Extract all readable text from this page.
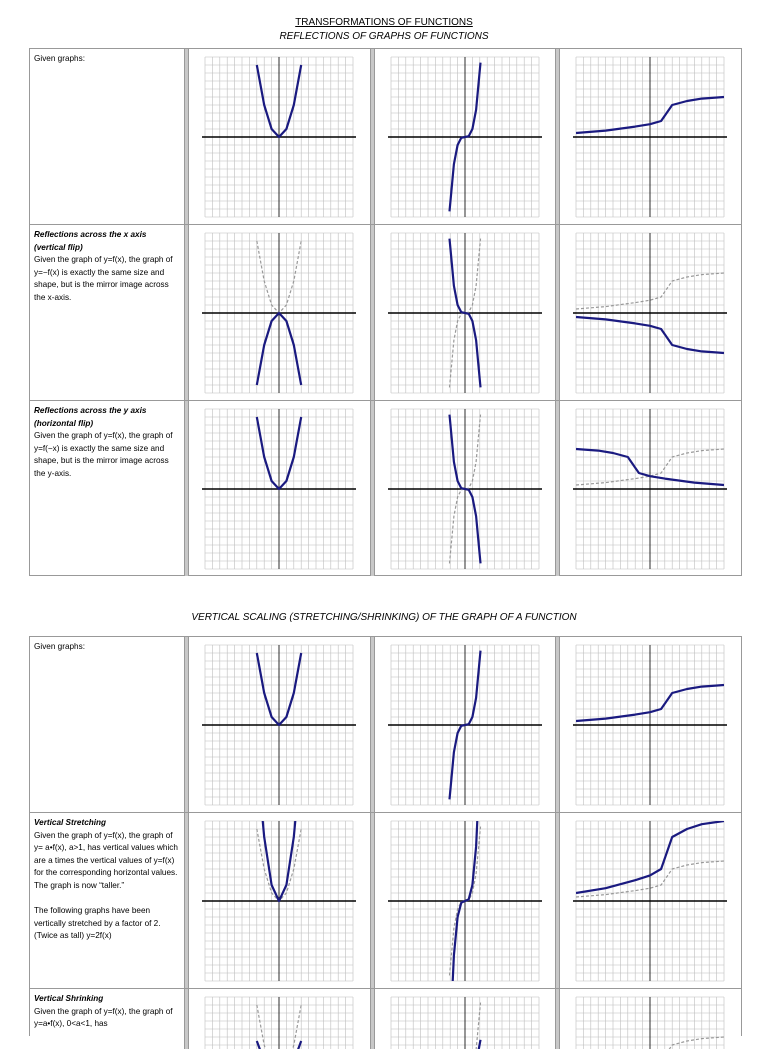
TRANSFORMATIONS OF FUNCTIONS
REFLECTIONS OF GRAPHS OF FUNCTIONS
VERTICAL SCALING (STRETCHING/SHRINKING) OF THE GRAPH OF A FUNCTION
Given graphs:
Reflections across the x axis
(vertical flip)
Given the graph of y=f(x), the graph of y=−f(x) is exactly the same size and shape, but is the mirror image across the x-axis.
Reflections across the y axis
(horizontal flip)
Given the graph of y=f(x), the graph of y=f(−x) is exactly the same size and shape, but is the mirror image across the y-axis.
Given graphs:
Vertical Stretching
Given the graph of y=f(x), the graph of y= a•f(x), a>1, has vertical values which are a times the vertical values of y=f(x) for the corresponding horizontal values. The graph is now “taller.”

The following graphs have been vertically stretched by a factor of 2. (Twice as tall) y=2f(x)
Vertical Shrinking
Given the graph of y=f(x), the graph of y=a•f(x), 0<a<1, has
